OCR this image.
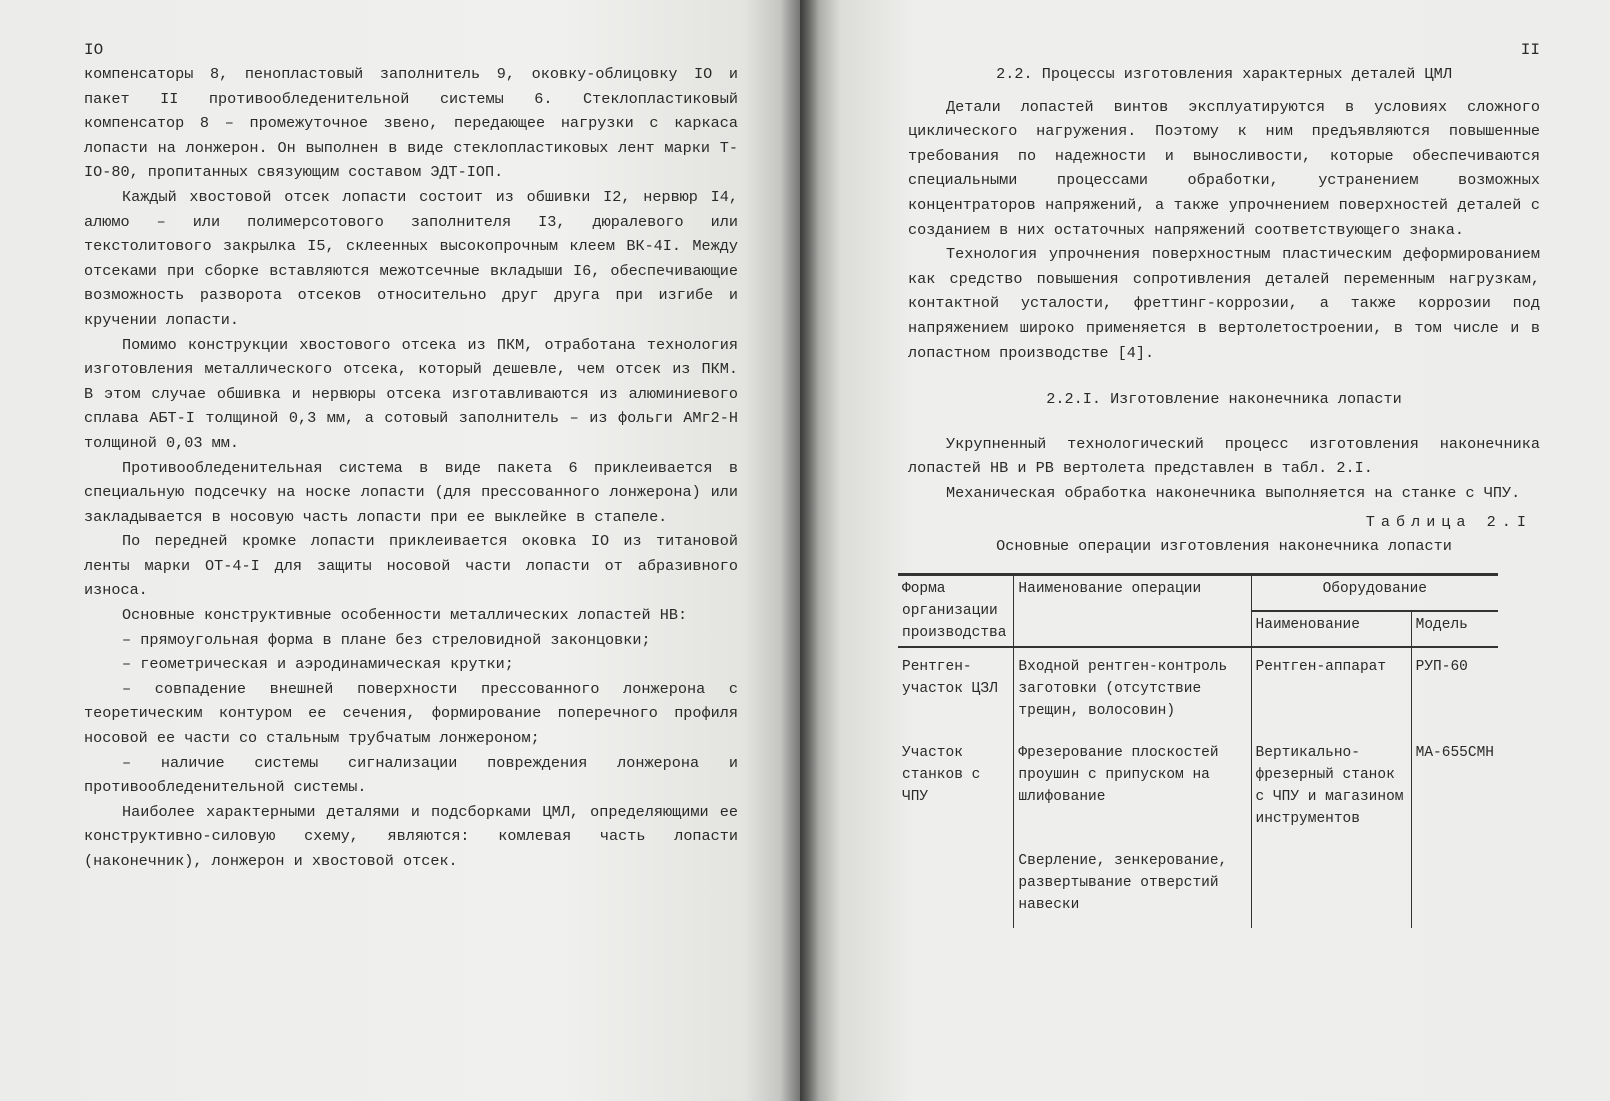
IO

компенсаторы 8, пенопластовый заполнитель 9, оковку-облицовку IO и пакет II противообледенительной системы 6. Стеклопластиковый компенсатор 8 – промежуточное звено, передающее нагрузки с каркаса лопасти на лонжерон. Он выполнен в виде стеклопластиковых лент марки Т-IO-80, пропитанных связующим составом ЭДТ-IОП.

Каждый хвостовой отсек лопасти состоит из обшивки I2, нервюр I4, алюмо – или полимерсотового заполнителя I3, дюралевого или текстолитового закрылка I5, склеенных высокопрочным клеем ВК-4I. Между отсеками при сборке вставляются межотсечные вкладыши I6, обеспечивающие возможность разворота отсеков относительно друг друга при изгибе и кручении лопасти.

Помимо конструкции хвостового отсека из ПКМ, отработана технология изготовления металлического отсека, который дешевле, чем отсек из ПКМ. В этом случае обшивка и нервюры отсека изготавливаются из алюминиевого сплава АБТ-I толщиной 0,3 мм, а сотовый заполнитель – из фольги АМг2-Н толщиной 0,03 мм.

Противообледенительная система в виде пакета 6 приклеивается в специальную подсечку на носке лопасти (для прессованного лонжерона) или закладывается в носовую часть лопасти при ее выклейке в стапеле.

По передней кромке лопасти приклеивается оковка IO из титановой ленты марки ОТ-4-I для защиты носовой части лопасти от абразивного износа.

Основные конструктивные особенности металлических лопастей НВ:

– прямоугольная форма в плане без стреловидной законцовки;
– геометрическая и аэродинамическая крутки;
– совпадение внешней поверхности прессованного лонжерона с теоретическим контуром ее сечения, формирование поперечного профиля носовой ее части со стальным трубчатым лонжероном;
– наличие системы сигнализации повреждения лонжерона и противообледенительной системы.

Наиболее характерными деталями и подсборками ЦМЛ, определяющими ее конструктивно-силовую схему, являются: комлевая часть лопасти (наконечник), лонжерон и хвостовой отсек.

II

2.2. Процессы изготовления характерных деталей ЦМЛ

Детали лопастей винтов эксплуатируются в условиях сложного циклического нагружения. Поэтому к ним предъявляются повышенные требования по надежности и выносливости, которые обеспечиваются специальными процессами обработки, устранением возможных концентраторов напряжений, а также упрочнением поверхностей деталей с созданием в них остаточных напряжений соответствующего знака.

Технология упрочнения поверхностным пластическим деформированием как средство повышения сопротивления деталей переменным нагрузкам, контактной усталости, фреттинг-коррозии, а также коррозии под напряжением широко применяется в вертолетостроении, в том числе и в лопастном производстве [4].

2.2.I. Изготовление наконечника лопасти

Укрупненный технологический процесс изготовления наконечника лопастей НВ и РВ вертолета представлен в табл. 2.I.

Механическая обработка наконечника выполняется на станке с ЧПУ.

Таблица 2.I
Основные операции изготовления наконечника лопасти
Форма организации производства	Наименование операции	Оборудование	
		Наименование	Модель
Рентген-участок ЦЗЛ	Входной рентген-контроль заготовки (отсутствие трещин, волосовин)	Рентген-аппарат	РУП-60
Участок станков с ЧПУ	Фрезерование плоскостей проушин с припуском на шлифование	Вертикально-фрезерный станок с ЧПУ и магазином инструментов	МА-655СМН
	Сверление, зенкерование, развертывание отверстий навески		
